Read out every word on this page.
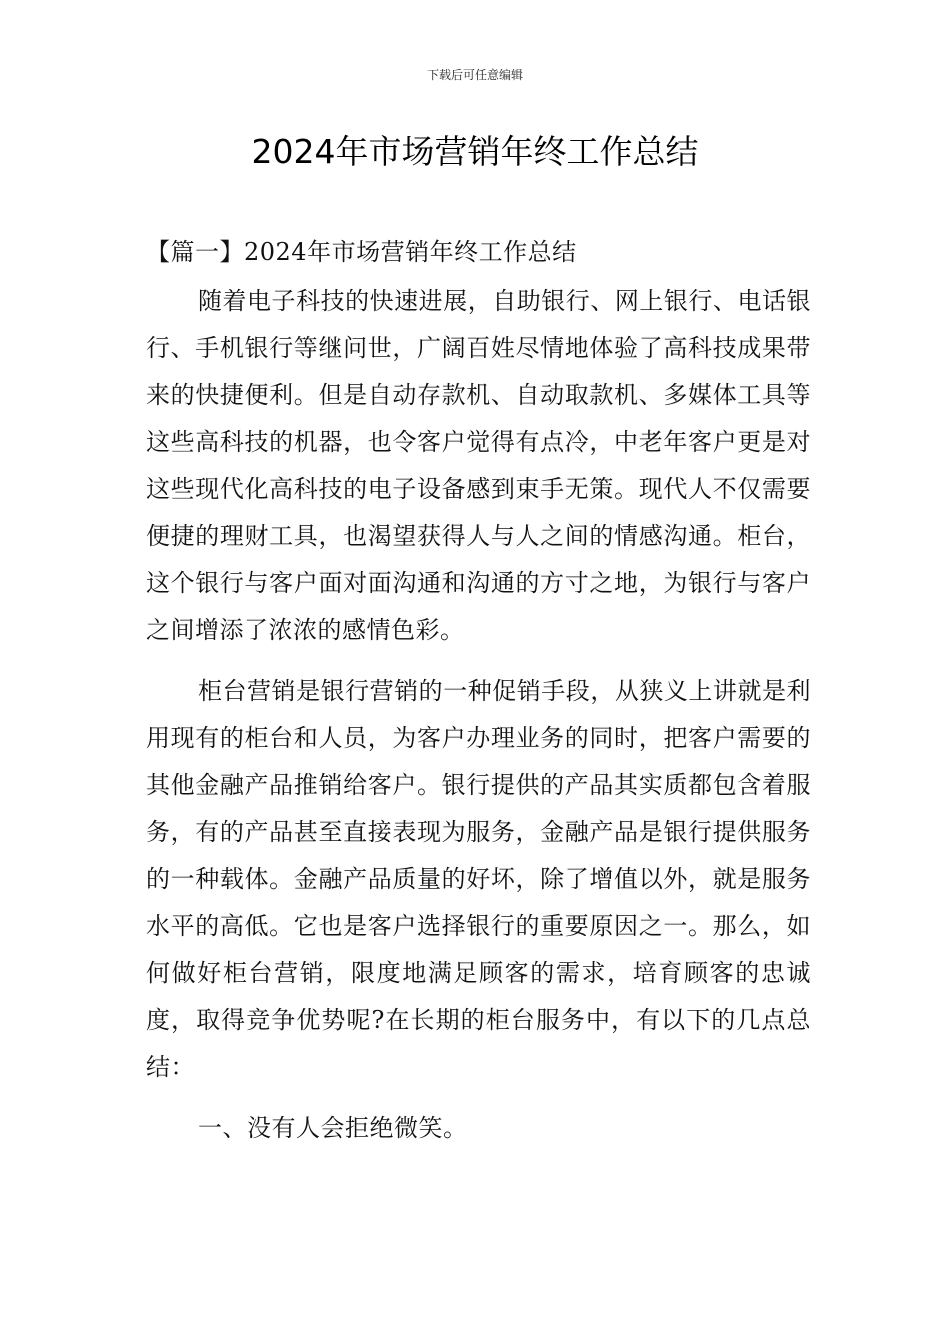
下载后可任意编辑
2024年市场营销年终工作总结

【篇一】2024年市场营销年终工作总结

随着电子科技的快速进展，自助银行、网上银行、电话银行、手机银行等继问世，广阔百姓尽情地体验了高科技成果带来的快捷便利。但是自动存款机、自动取款机、多媒体工具等这些高科技的机器，也令客户觉得有点冷，中老年客户更是对这些现代化高科技的电子设备感到束手无策。现代人不仅需要便捷的理财工具，也渴望获得人与人之间的情感沟通。柜台，这个银行与客户面对面沟通和沟通的方寸之地，为银行与客户之间增添了浓浓的感情色彩。

柜台营销是银行营销的一种促销手段，从狭义上讲就是利用现有的柜台和人员，为客户办理业务的同时，把客户需要的其他金融产品推销给客户。银行提供的产品其实质都包含着服务，有的产品甚至直接表现为服务，金融产品是银行提供服务的一种载体。金融产品质量的好坏，除了增值以外，就是服务水平的高低。它也是客户选择银行的重要原因之一。那么，如何做好柜台营销，限度地满足顾客的需求，培育顾客的忠诚度，取得竞争优势呢?在长期的柜台服务中，有以下的几点总结：

一、没有人会拒绝微笑。
